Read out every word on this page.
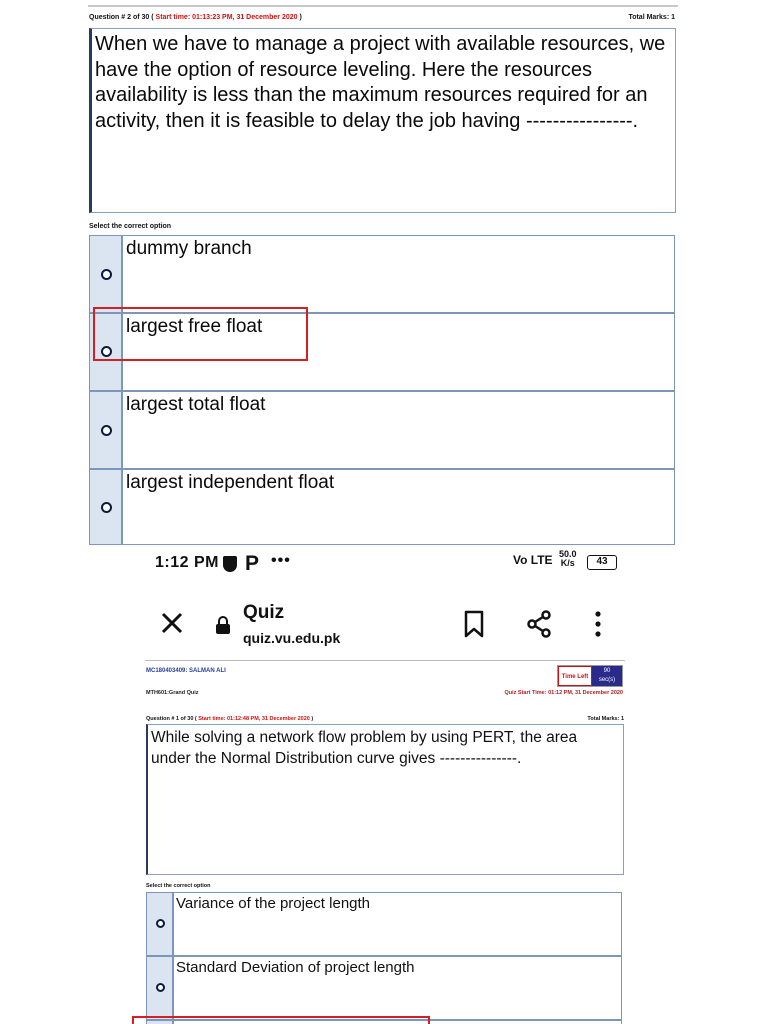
Question # 2 of 30 ( Start time: 01:13:23 PM, 31 December 2020 )	Total Marks: 1
When we have to manage a project with available resources, we have the option of resource leveling. Here the resources availability is less than the maximum resources required for an activity, then it is feasible to delay the job having ----------------.
Select the correct option
dummy branch
largest free float
largest total float
largest independent float
1:12 PM P •••	Vo LTE 50.0
K/s	43
Quiz
quiz.vu.edu.pk
MC180403409: SALMAN ALI
MTH601:Grand Quiz
Time Left
90
sec(s)
Quiz Start Time: 01:12 PM, 31 December 2020
Question # 1 of 30 ( Start time: 01:12:48 PM, 31 December 2020 )	Total Marks: 1
While solving a network flow problem by using PERT, the area under the Normal Distribution curve gives ---------------.
Select the correct option
Variance of the project length
Standard Deviation of project length
